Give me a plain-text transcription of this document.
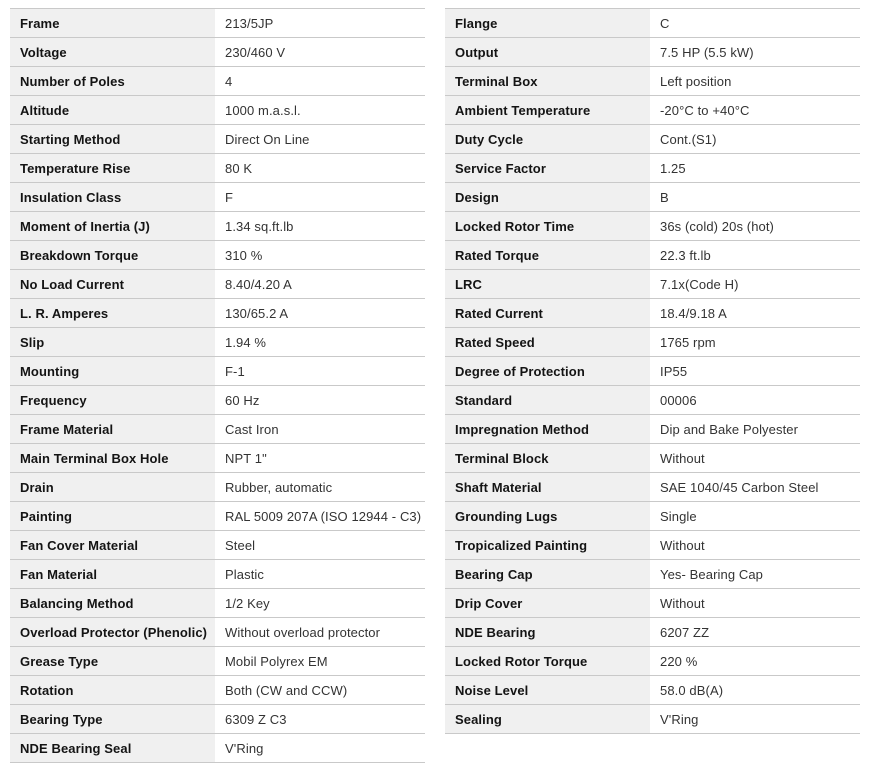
Frame	213/5JP
Voltage	230/460 V
Number of Poles	4
Altitude	1000 m.a.s.l.
Starting Method	Direct On Line
Temperature Rise	80 K
Insulation Class	F
Moment of Inertia (J)	1.34 sq.ft.lb
Breakdown Torque	310 %
No Load Current	8.40/4.20 A
L. R. Amperes	130/65.2 A
Slip	1.94 %
Mounting	F-1
Frequency	60 Hz
Frame Material	Cast Iron
Main Terminal Box Hole	NPT 1"
Drain	Rubber, automatic
Painting	RAL 5009 207A (ISO 12944 - C3)
Fan Cover Material	Steel
Fan Material	Plastic
Balancing Method	1/2 Key
Overload Protector (Phenolic)	Without overload protector
Grease Type	Mobil Polyrex EM
Rotation	Both (CW and CCW)
Bearing Type	6309 Z C3
NDE Bearing Seal	V'Ring
Flange	C
Output	7.5 HP (5.5 kW)
Terminal Box	Left position
Ambient Temperature	-20°C to +40°C
Duty Cycle	Cont.(S1)
Service Factor	1.25
Design	B
Locked Rotor Time	36s (cold) 20s (hot)
Rated Torque	22.3 ft.lb
LRC	7.1x(Code H)
Rated Current	18.4/9.18 A
Rated Speed	1765 rpm
Degree of Protection	IP55
Standard	00006
Impregnation Method	Dip and Bake Polyester
Terminal Block	Without
Shaft Material	SAE 1040/45 Carbon Steel
Grounding Lugs	Single
Tropicalized Painting	Without
Bearing Cap	Yes- Bearing Cap
Drip Cover	Without
NDE Bearing	6207 ZZ
Locked Rotor Torque	220 %
Noise Level	58.0 dB(A)
Sealing	V'Ring
